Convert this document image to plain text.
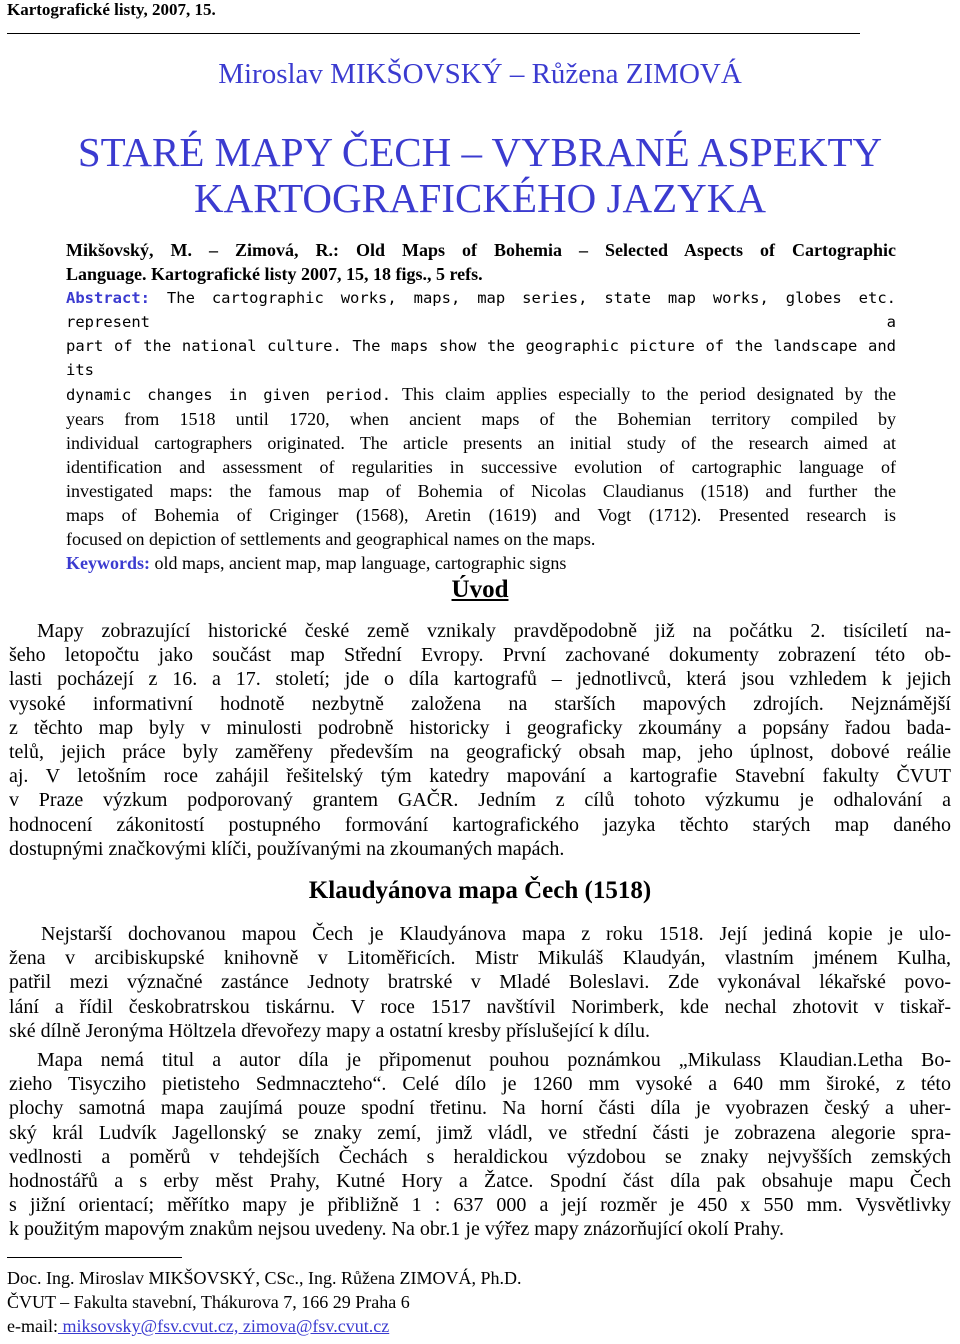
Kartografické listy, 2007, 15.
Miroslav MIKŠOVSKÝ – Růžena ZIMOVÁ
STARÉ MAPY ČECH – VYBRANÉ ASPEKTY
KARTOGRAFICKÉHO JAZYKA
Mikšovský, M. – Zimová, R.: Old Maps of Bohemia – Selected Aspects of Cartographic
Language. Kartografické listy 2007, 15, 18 figs., 5 refs.
Abstract: The cartographic works, maps, map series, state map works, globes etc. represent a
part of the national culture. The maps show the geographic picture of the landscape and its
dynamic changes in given period. This claim applies especially to the period designated by the
years from 1518 until 1720, when ancient maps of the Bohemian territory compiled by
individual cartographers originated. The article presents an initial study of the research aimed at
identification and assessment of regularities in successive evolution of cartographic language of
investigated maps: the famous map of Bohemia of Nicolas Claudianus (1518) and further the
maps of Bohemia of Criginger (1568), Aretin (1619) and Vogt (1712). Presented research is
focused on depiction of settlements and geographical names on the maps.
Keywords: old maps, ancient map, map language, cartographic signs
Úvod
Mapy zobrazující historické české země vznikaly pravděpodobně již na počátku 2. tisíciletí na-
šeho letopočtu jako součást map Střední Evropy. První zachované dokumenty zobrazení této ob-
lasti pocházejí z 16. a 17. století; jde o díla kartografů – jednotlivců, která jsou vzhledem k jejich
vysoké informativní hodnotě nezbytně založena na starších mapových zdrojích. Nejznámější
z těchto map byly v minulosti podrobně historicky i geograficky zkoumány a popsány řadou bada-
telů, jejich práce byly zaměřeny především na geografický obsah map, jeho úplnost, dobové reálie
aj. V letošním roce zahájil řešitelský tým katedry mapování a kartografie Stavební fakulty ČVUT
v Praze výzkum podporovaný grantem GAČR. Jedním z cílů tohoto výzkumu je odhalování a
hodnocení zákonitostí postupného formování kartografického jazyka těchto starých map daného
dostupnými značkovými klíči, používanými na zkoumaných mapách.
Klaudyánova mapa Čech (1518)
Nejstarší dochovanou mapou Čech je Klaudyánova mapa z roku 1518. Její jediná kopie je ulo-
žena v arcibiskupské knihovně v Litoměřicích. Mistr Mikuláš Klaudyán, vlastním jménem Kulha,
patřil mezi význačné zastánce Jednoty bratrské v Mladé Boleslavi. Zde vykonával lékařské povo-
lání a řídil českobratrskou tiskárnu. V roce 1517 navštívil Norimberk, kde nechal zhotovit v tiskař-
ské dílně Jeronýma Höltzela dřevořezy mapy a ostatní kresby příslušející k dílu.
Mapa nemá titul a autor díla je připomenut pouhou poznámkou „Mikulass Klaudian.Letha Bo-
zieho Tisycziho pietisteho Sedmnaczteho“. Celé dílo je 1260 mm vysoké a 640 mm široké, z této
plochy samotná mapa zaujímá pouze spodní třetinu. Na horní části díla je vyobrazen český a uher-
ský král Ludvík Jagellonský se znaky zemí, jimž vládl, ve střední části je zobrazena alegorie spra-
vedlnosti a poměrů v tehdejších Čechách s heraldickou výzdobou se znaky nejvyšších zemských
hodnostářů a s erby měst Prahy, Kutné Hory a Žatce. Spodní část díla pak obsahuje mapu Čech
s jižní orientací; měřítko mapy je přibližně 1 : 637 000 a její rozměr je 450 x 550 mm. Vysvětlivky
k použitým mapovým znakům nejsou uvedeny. Na obr.1 je výřez mapy znázorňující okolí Prahy.
Doc. Ing. Miroslav MIKŠOVSKÝ, CSc., Ing. Růžena ZIMOVÁ, Ph.D.
ČVUT – Fakulta stavební, Thákurova 7, 166 29 Praha 6
e-mail: miksovsky@fsv.cvut.cz, zimova@fsv.cvut.cz
